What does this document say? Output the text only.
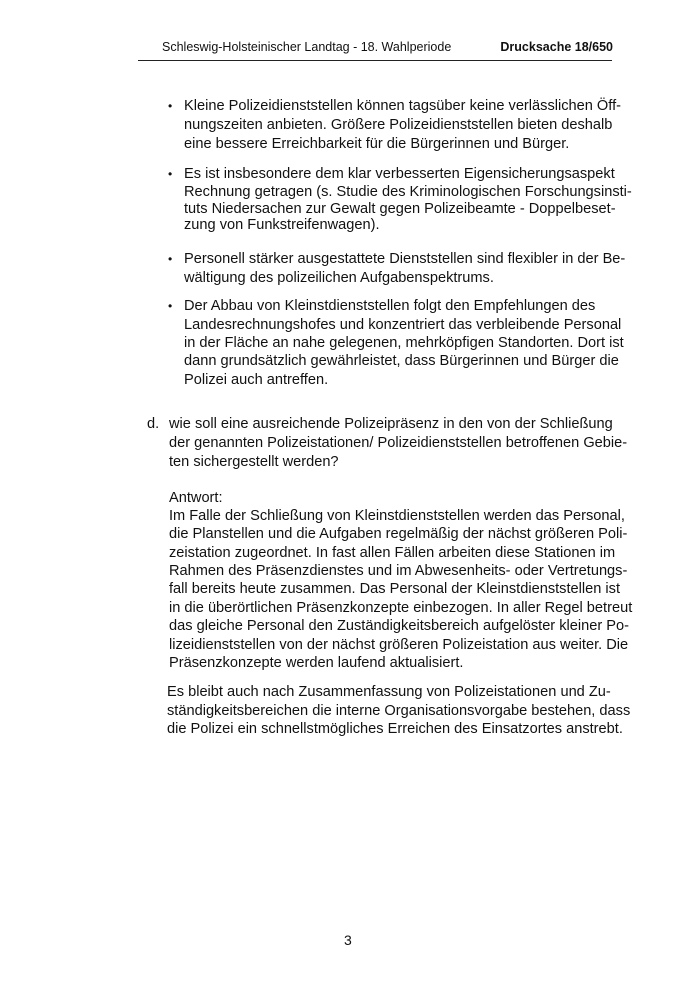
Schleswig-Holsteinischer Landtag - 18. Wahlperiode	Drucksache 18/650
• Kleine Polizeidienststellen können tagsüber keine verlässlichen Öff-
nungszeiten anbieten. Größere Polizeidienststellen bieten deshalb
eine bessere Erreichbarkeit für die Bürgerinnen und Bürger.
• Es ist insbesondere dem klar verbesserten Eigensicherungsaspekt
Rechnung getragen (s. Studie des Kriminologischen Forschungsinsti-
tuts Niedersachen zur Gewalt gegen Polizeibeamte - Doppelbeset-
zung von Funkstreifenwagen).
• Personell stärker ausgestattete Dienststellen sind flexibler in der Be-
wältigung des polizeilichen Aufgabenspektrums.
• Der Abbau von Kleinstdienststellen folgt den Empfehlungen des
Landesrechnungshofes und konzentriert das verbleibende Personal
in der Fläche an nahe gelegenen, mehrköpfigen Standorten. Dort ist
dann grundsätzlich gewährleistet, dass Bürgerinnen und Bürger die
Polizei auch antreffen.
d. wie soll eine ausreichende Polizeipräsenz in den von der Schließung
der genannten Polizeistationen/ Polizeidienststellen betroffenen Gebie-
ten sichergestellt werden?
Antwort:
Im Falle der Schließung von Kleinstdienststellen werden das Personal,
die Planstellen und die Aufgaben regelmäßig der nächst größeren Poli-
zeistation zugeordnet. In fast allen Fällen arbeiten diese Stationen im
Rahmen des Präsenzdienstes und im Abwesenheits- oder Vertretungs-
fall bereits heute zusammen. Das Personal der Kleinstdienststellen ist
in die überörtlichen Präsenzkonzepte einbezogen. In aller Regel betreut
das gleiche Personal den Zuständigkeitsbereich aufgelöster kleiner Po-
lizeidienststellen von der nächst größeren Polizeistation aus weiter. Die
Präsenzkonzepte werden laufend aktualisiert.
Es bleibt auch nach Zusammenfassung von Polizeistationen und Zu-
ständigkeitsbereichen die interne Organisationsvorgabe bestehen, dass
die Polizei ein schnellstmögliches Erreichen des Einsatzortes anstrebt.
3
